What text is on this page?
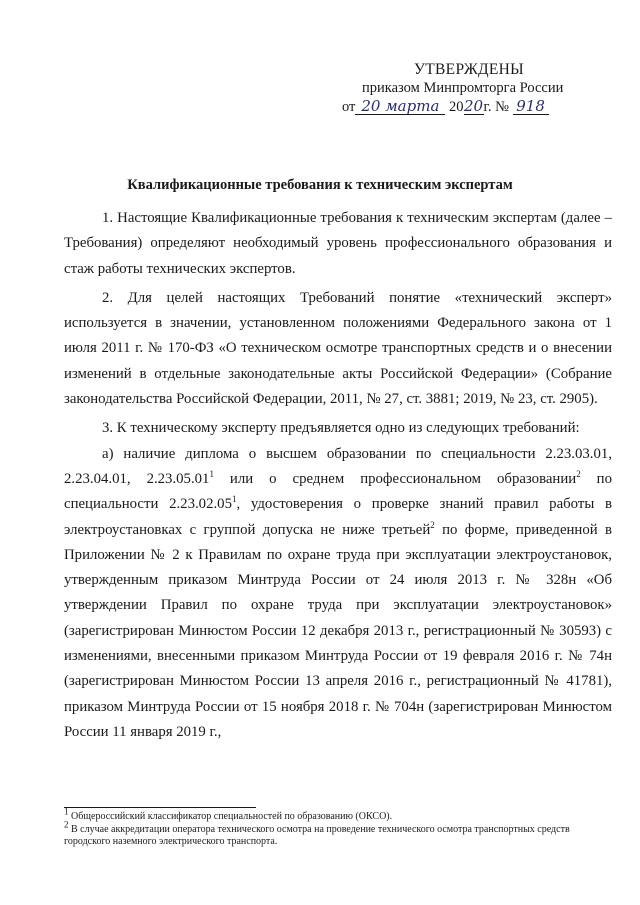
УТВЕРЖДЕНЫ
приказом Минпромторга России
от 20 марта 2020г. № 918
Квалификационные требования к техническим экспертам

1. Настоящие Квалификационные требования к техническим экспертам (далее – Требования) определяют необходимый уровень профессионального образования и стаж работы технических экспертов.

2. Для целей настоящих Требований понятие «технический эксперт» используется в значении, установленном положениями Федерального закона от 1 июля 2011 г. № 170-ФЗ «О техническом осмотре транспортных средств и о внесении изменений в отдельные законодательные акты Российской Федерации» (Собрание законодательства Российской Федерации, 2011, № 27, ст. 3881; 2019, № 23, ст. 2905).

3. К техническому эксперту предъявляется одно из следующих требований:

а) наличие диплома о высшем образовании по специальности 2.23.03.01, 2.23.04.01, 2.23.05.01$^1$ или о среднем профессиональном образовании$^2$ по специальности 2.23.02.05$^1$, удостоверения о проверке знаний правил работы в электроустановках с группой допуска не ниже третьей$^2$ по форме, приведенной в Приложении № 2 к Правилам по охране труда при эксплуатации электроустановок, утвержденным приказом Минтруда России от 24 июля 2013 г. № 328н «Об утверждении Правил по охране труда при эксплуатации электроустановок» (зарегистрирован Минюстом России 12 декабря 2013 г., регистрационный № 30593) с изменениями, внесенными приказом Минтруда России от 19 февраля 2016 г. № 74н (зарегистрирован Минюстом России 13 апреля 2016 г., регистрационный № 41781), приказом Минтруда России от 15 ноября 2018 г. № 704н (зарегистрирован Минюстом России 11 января 2019 г.,

$^1$ Общероссийский классификатор специальностей по образованию (ОКСО).

$^2$ В случае аккредитации оператора технического осмотра на проведение технического осмотра транспортных средств городского наземного электрического транспорта.
